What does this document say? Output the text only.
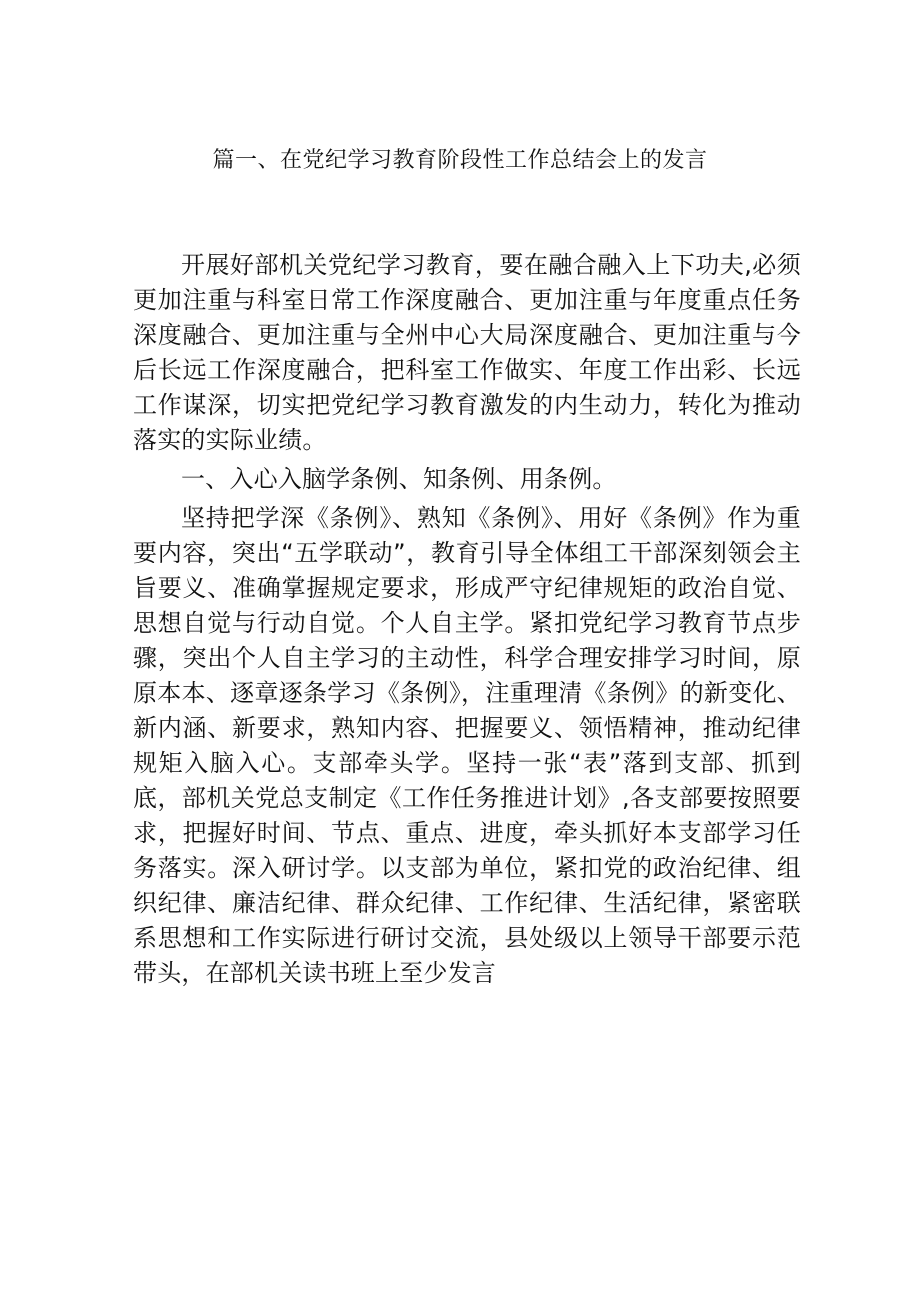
篇一、在党纪学习教育阶段性工作总结会上的发言

开展好部机关党纪学习教育，要在融合融入上下功夫,必须更加注重与科室日常工作深度融合、更加注重与年度重点任务深度融合、更加注重与全州中心大局深度融合、更加注重与今后长远工作深度融合，把科室工作做实、年度工作出彩、长远工作谋深，切实把党纪学习教育激发的内生动力，转化为推动落实的实际业绩。

一、入心入脑学条例、知条例、用条例。

坚持把学深《条例》、熟知《条例》、用好《条例》作为重要内容，突出“五学联动”，教育引导全体组工干部深刻领会主旨要义、准确掌握规定要求，形成严守纪律规矩的政治自觉、思想自觉与行动自觉。个人自主学。紧扣党纪学习教育节点步骤，突出个人自主学习的主动性，科学合理安排学习时间，原原本本、逐章逐条学习《条例》，注重理清《条例》的新变化、新内涵、新要求，熟知内容、把握要义、领悟精神，推动纪律规矩入脑入心。支部牵头学。坚持一张“表”落到支部、抓到底，部机关党总支制定《工作任务推进计划》,各支部要按照要求，把握好时间、节点、重点、进度，牵头抓好本支部学习任务落实。深入研讨学。以支部为单位，紧扣党的政治纪律、组织纪律、廉洁纪律、群众纪律、工作纪律、生活纪律，紧密联系思想和工作实际进行研讨交流，县处级以上领导干部要示范带头，在部机关读书班上至少发言
